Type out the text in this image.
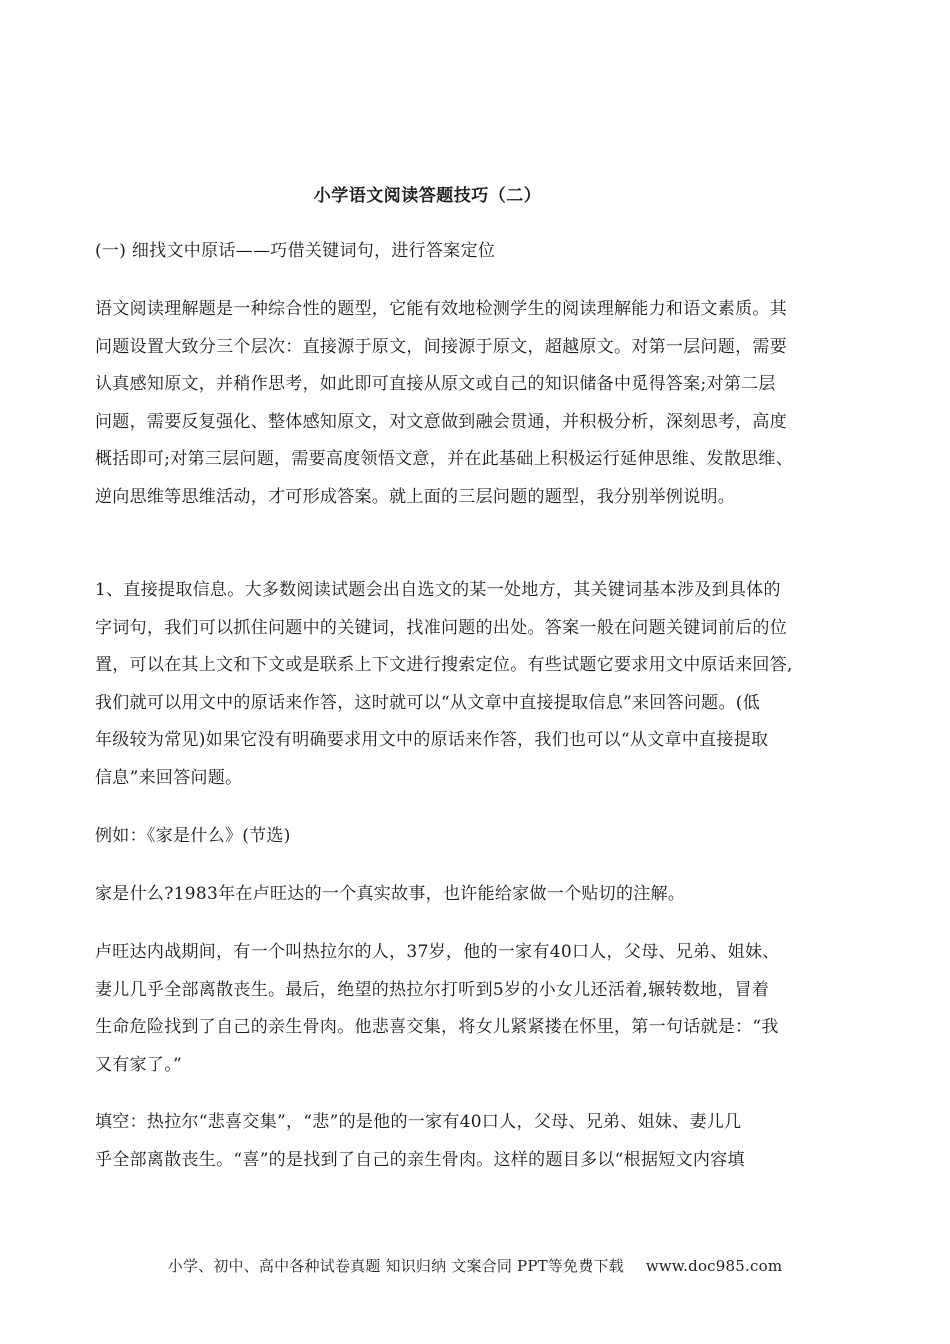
小学语文阅读答题技巧（二）
(一) 细找文中原话——巧借关键词句，进行答案定位
语文阅读理解题是一种综合性的题型，它能有效地检测学生的阅读理解能力和语文素质。其
问题设置大致分三个层次：直接源于原文，间接源于原文，超越原文。对第一层问题，需要
认真感知原文，并稍作思考，如此即可直接从原文或自己的知识储备中觅得答案;对第二层
问题，需要反复强化、整体感知原文，对文意做到融会贯通，并积极分析，深刻思考，高度
概括即可;对第三层问题，需要高度领悟文意，并在此基础上积极运行延伸思维、发散思维、
逆向思维等思维活动，才可形成答案。就上面的三层问题的题型，我分别举例说明。
1、直接提取信息。大多数阅读试题会出自选文的某一处地方，其关键词基本涉及到具体的
字词句，我们可以抓住问题中的关键词，找准问题的出处。答案一般在问题关键词前后的位
置，可以在其上文和下文或是联系上下文进行搜索定位。有些试题它要求用文中原话来回答,
我们就可以用文中的原话来作答，这时就可以“从文章中直接提取信息”来回答问题。(低
年级较为常见)如果它没有明确要求用文中的原话来作答，我们也可以“从文章中直接提取
信息”来回答问题。
例如：《家是什么》(节选)
家是什么?1983年在卢旺达的一个真实故事，也许能给家做一个贴切的注解。
卢旺达内战期间，有一个叫热拉尔的人，37岁，他的一家有40口人，父母、兄弟、姐妹、
妻儿几乎全部离散丧生。最后，绝望的热拉尔打听到5岁的小女儿还活着,辗转数地，冒着
生命危险找到了自己的亲生骨肉。他悲喜交集，将女儿紧紧搂在怀里，第一句话就是：“我
又有家了。”
填空：热拉尔“悲喜交集”，“悲”的是他的一家有40口人，父母、兄弟、姐妹、妻儿几
乎全部离散丧生。“喜”的是找到了自己的亲生骨肉。这样的题目多以“根据短文内容填
小学、初中、高中各种试卷真题 知识归纳 文案合同 PPT等免费下载 www.doc985.com
